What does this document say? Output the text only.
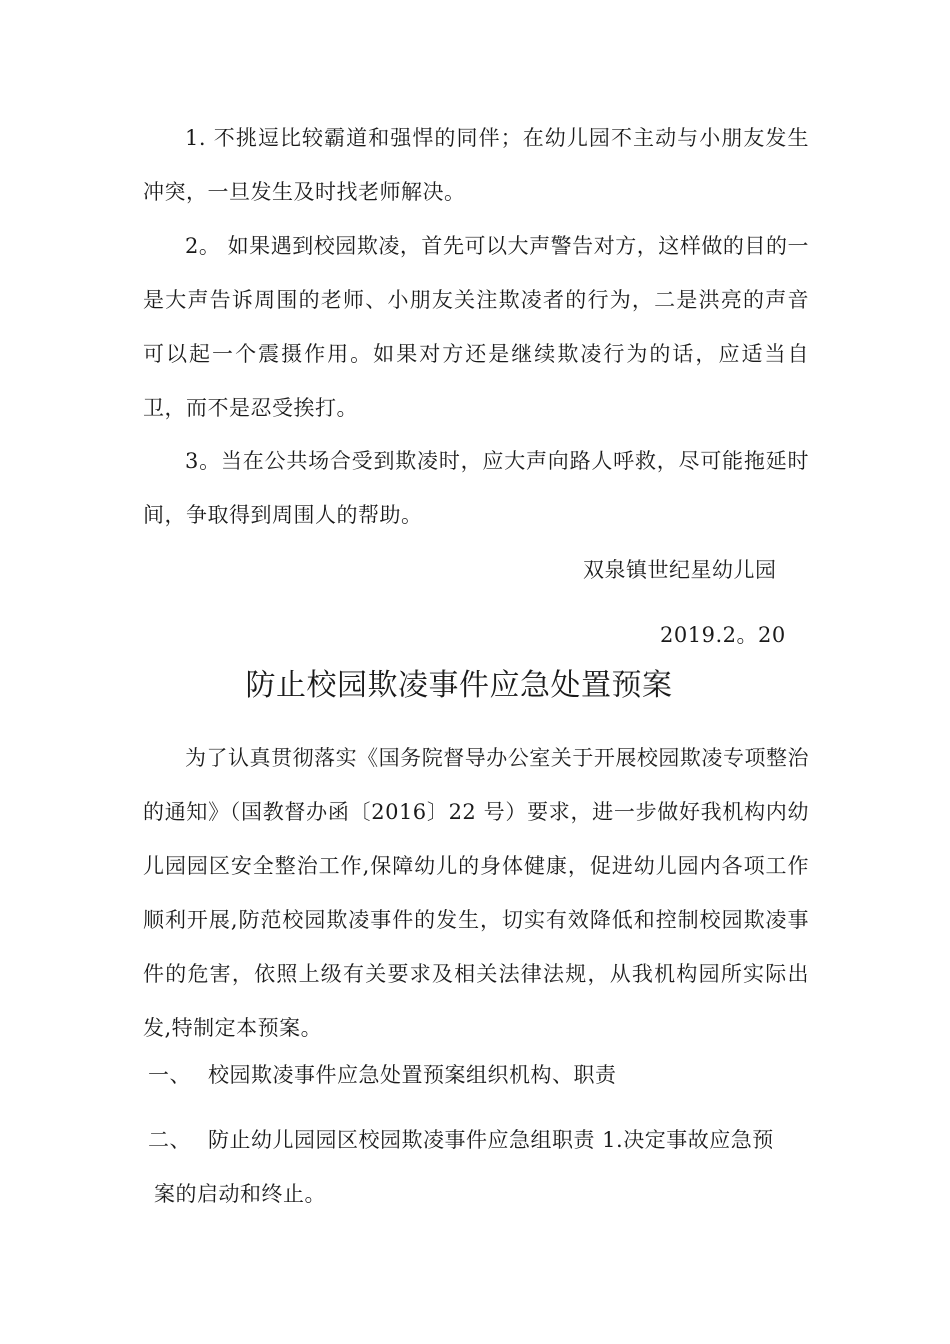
1. 不挑逗比较霸道和强悍的同伴；在幼儿园不主动与小朋友发生冲突，一旦发生及时找老师解决。

2。 如果遇到校园欺凌，首先可以大声警告对方，这样做的目的一是大声告诉周围的老师、小朋友关注欺凌者的行为，二是洪亮的声音可以起一个震摄作用。如果对方还是继续欺凌行为的话，应适当自卫，而不是忍受挨打。

3。当在公共场合受到欺凌时，应大声向路人呼救，尽可能拖延时间，争取得到周围人的帮助。

双泉镇世纪星幼儿园
2019.2。20
防止校园欺凌事件应急处置预案

为了认真贯彻落实《国务院督导办公室关于开展校园欺凌专项整治的通知》（国教督办函〔2016〕22 号）要求，进一步做好我机构内幼儿园园区安全整治工作,保障幼儿的身体健康，促进幼儿园内各项工作顺利开展,防范校园欺凌事件的发生，切实有效降低和控制校园欺凌事件的危害，依照上级有关要求及相关法律法规，从我机构园所实际出发,特制定本预案。

一、 校园欺凌事件应急处置预案组织机构、职责
二、 防止幼儿园园区校园欺凌事件应急组职责 1.决定事故应急预
案的启动和终止。
